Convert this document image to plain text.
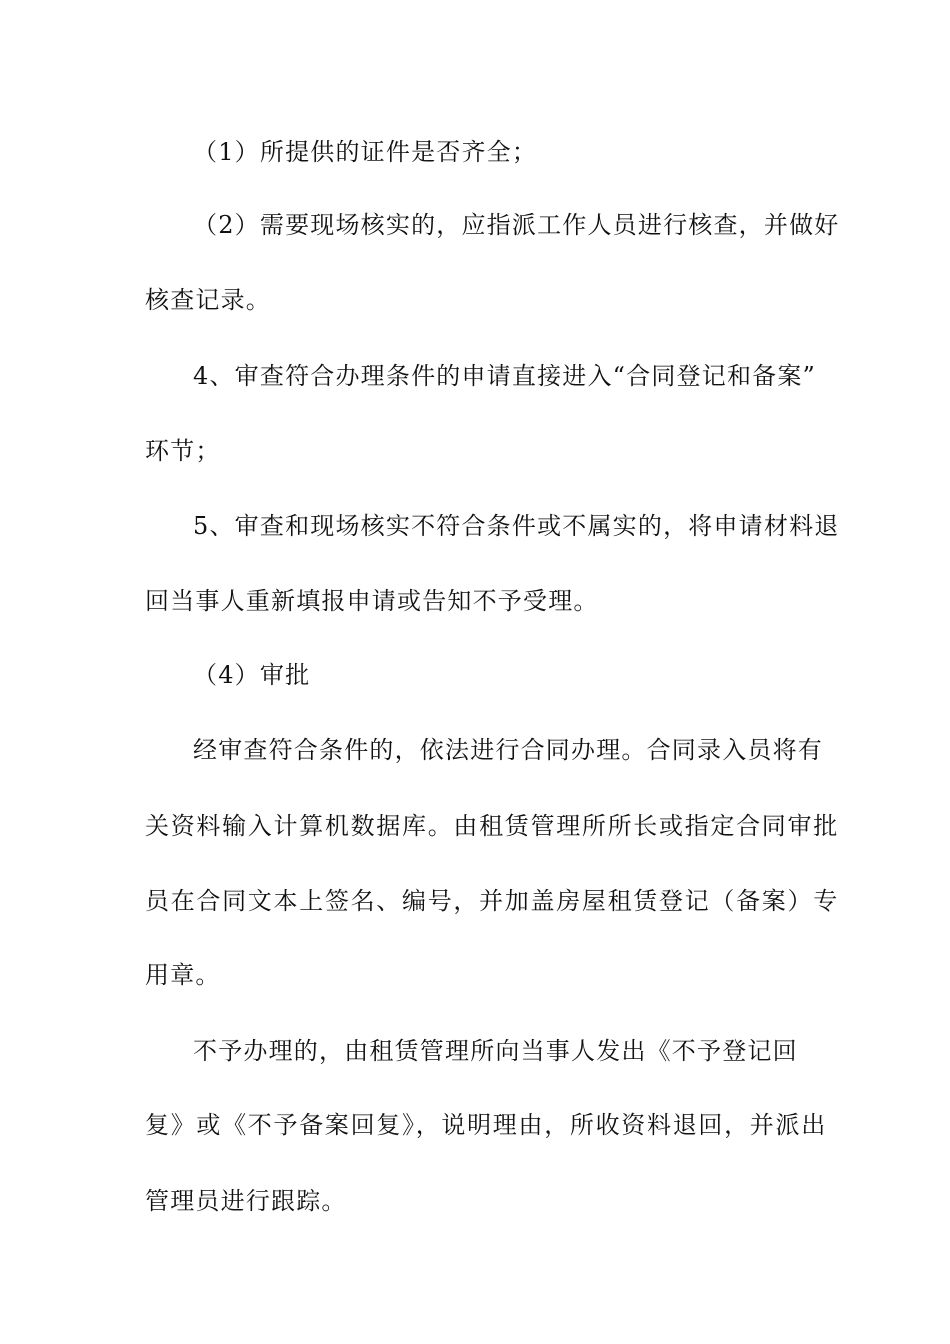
（1）所提供的证件是否齐全；
（2）需要现场核实的，应指派工作人员进行核查，并做好
核查记录。
4、审查符合办理条件的申请直接进入“合同登记和备案”
环节；
5、审查和现场核实不符合条件或不属实的，将申请材料退
回当事人重新填报申请或告知不予受理。
（4）审批
经审查符合条件的，依法进行合同办理。合同录入员将有
关资料输入计算机数据库。由租赁管理所所长或指定合同审批
员在合同文本上签名、编号，并加盖房屋租赁登记（备案）专
用章。
不予办理的，由租赁管理所向当事人发出《不予登记回
复》或《不予备案回复》，说明理由，所收资料退回，并派出
管理员进行跟踪。
